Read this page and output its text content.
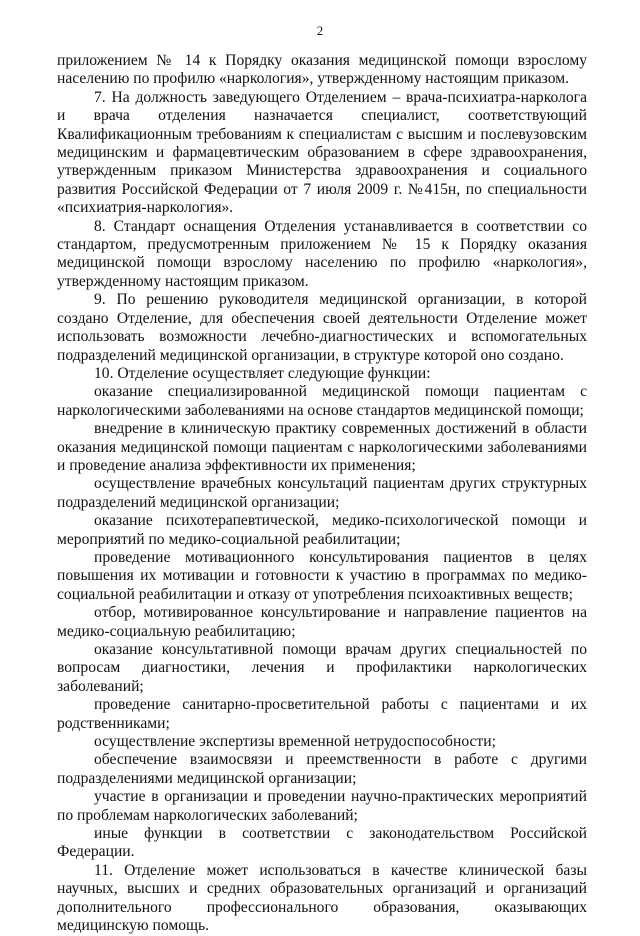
2

приложением № 14 к Порядку оказания медицинской помощи взрослому населению по профилю «наркология», утвержденному настоящим приказом.

7. На должность заведующего Отделением – врача-психиатра-нарколога и врача отделения назначается специалист, соответствующий Квалификационным требованиям к специалистам с высшим и послевузовским медицинским и фармацевтическим образованием в сфере здравоохранения, утвержденным приказом Министерства здравоохранения и социального развития Российской Федерации от 7 июля 2009 г. №415н, по специальности «психиатрия-наркология».

8. Стандарт оснащения Отделения устанавливается в соответствии со стандартом, предусмотренным приложением № 15 к Порядку оказания медицинской помощи взрослому населению по профилю «наркология», утвержденному настоящим приказом.

9. По решению руководителя медицинской организации, в которой создано Отделение, для обеспечения своей деятельности Отделение может использовать возможности лечебно-диагностических и вспомогательных подразделений медицинской организации, в структуре которой оно создано.

10. Отделение осуществляет следующие функции:

оказание специализированной медицинской помощи пациентам с наркологическими заболеваниями на основе стандартов медицинской помощи;

внедрение в клиническую практику современных достижений в области оказания медицинской помощи пациентам с наркологическими заболеваниями и проведение анализа эффективности их применения;

осуществление врачебных консультаций пациентам других структурных подразделений медицинской организации;

оказание психотерапевтической, медико-психологической помощи и мероприятий по медико-социальной реабилитации;

проведение мотивационного консультирования пациентов в целях повышения их мотивации и готовности к участию в программах по медико-социальной реабилитации и отказу от употребления психоактивных веществ;

отбор, мотивированное консультирование и направление пациентов на медико-социальную реабилитацию;

оказание консультативной помощи врачам других специальностей по вопросам диагностики, лечения и профилактики наркологических заболеваний;

проведение санитарно-просветительной работы с пациентами и их родственниками;

осуществление экспертизы временной нетрудоспособности;

обеспечение взаимосвязи и преемственности в работе с другими подразделениями медицинской организации;

участие в организации и проведении научно-практических мероприятий по проблемам наркологических заболеваний;

иные функции в соответствии с законодательством Российской Федерации.

11. Отделение может использоваться в качестве клинической базы научных, высших и средних образовательных организаций и организаций дополнительного профессионального образования, оказывающих медицинскую помощь.
